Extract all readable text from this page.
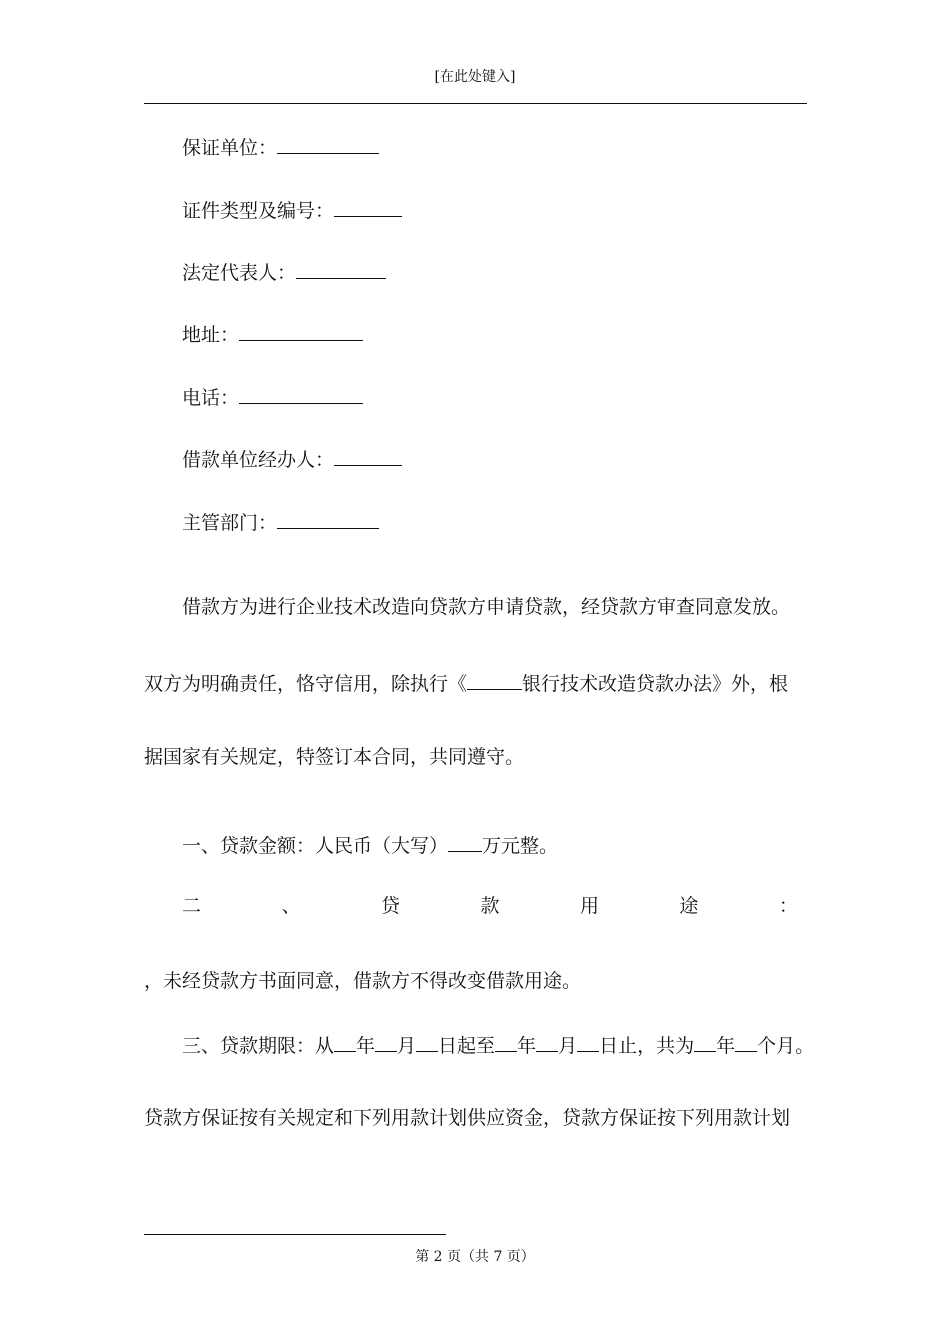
[在此处键入]
保证单位：
证件类型及编号：
法定代表人：
地址：
电话：
借款单位经办人：
主管部门：
借款方为进行企业技术改造向贷款方申请贷款，经贷款方审查同意发放。
双方为明确责任，恪守信用，除执行《	银行技术改造贷款办法》外，根
据国家有关规定，特签订本合同，共同遵守。
一、贷款金额：人民币（大写） 万元整。
二	、	贷	款	用	途	：
，未经贷款方书面同意，借款方不得改变借款用途。
三、贷款期限：从 年 月 日起至 年 月 日止，共为 年 个月。
贷款方保证按有关规定和下列用款计划供应资金，贷款方保证按下列用款计划
第 2 页（共 7 页）
